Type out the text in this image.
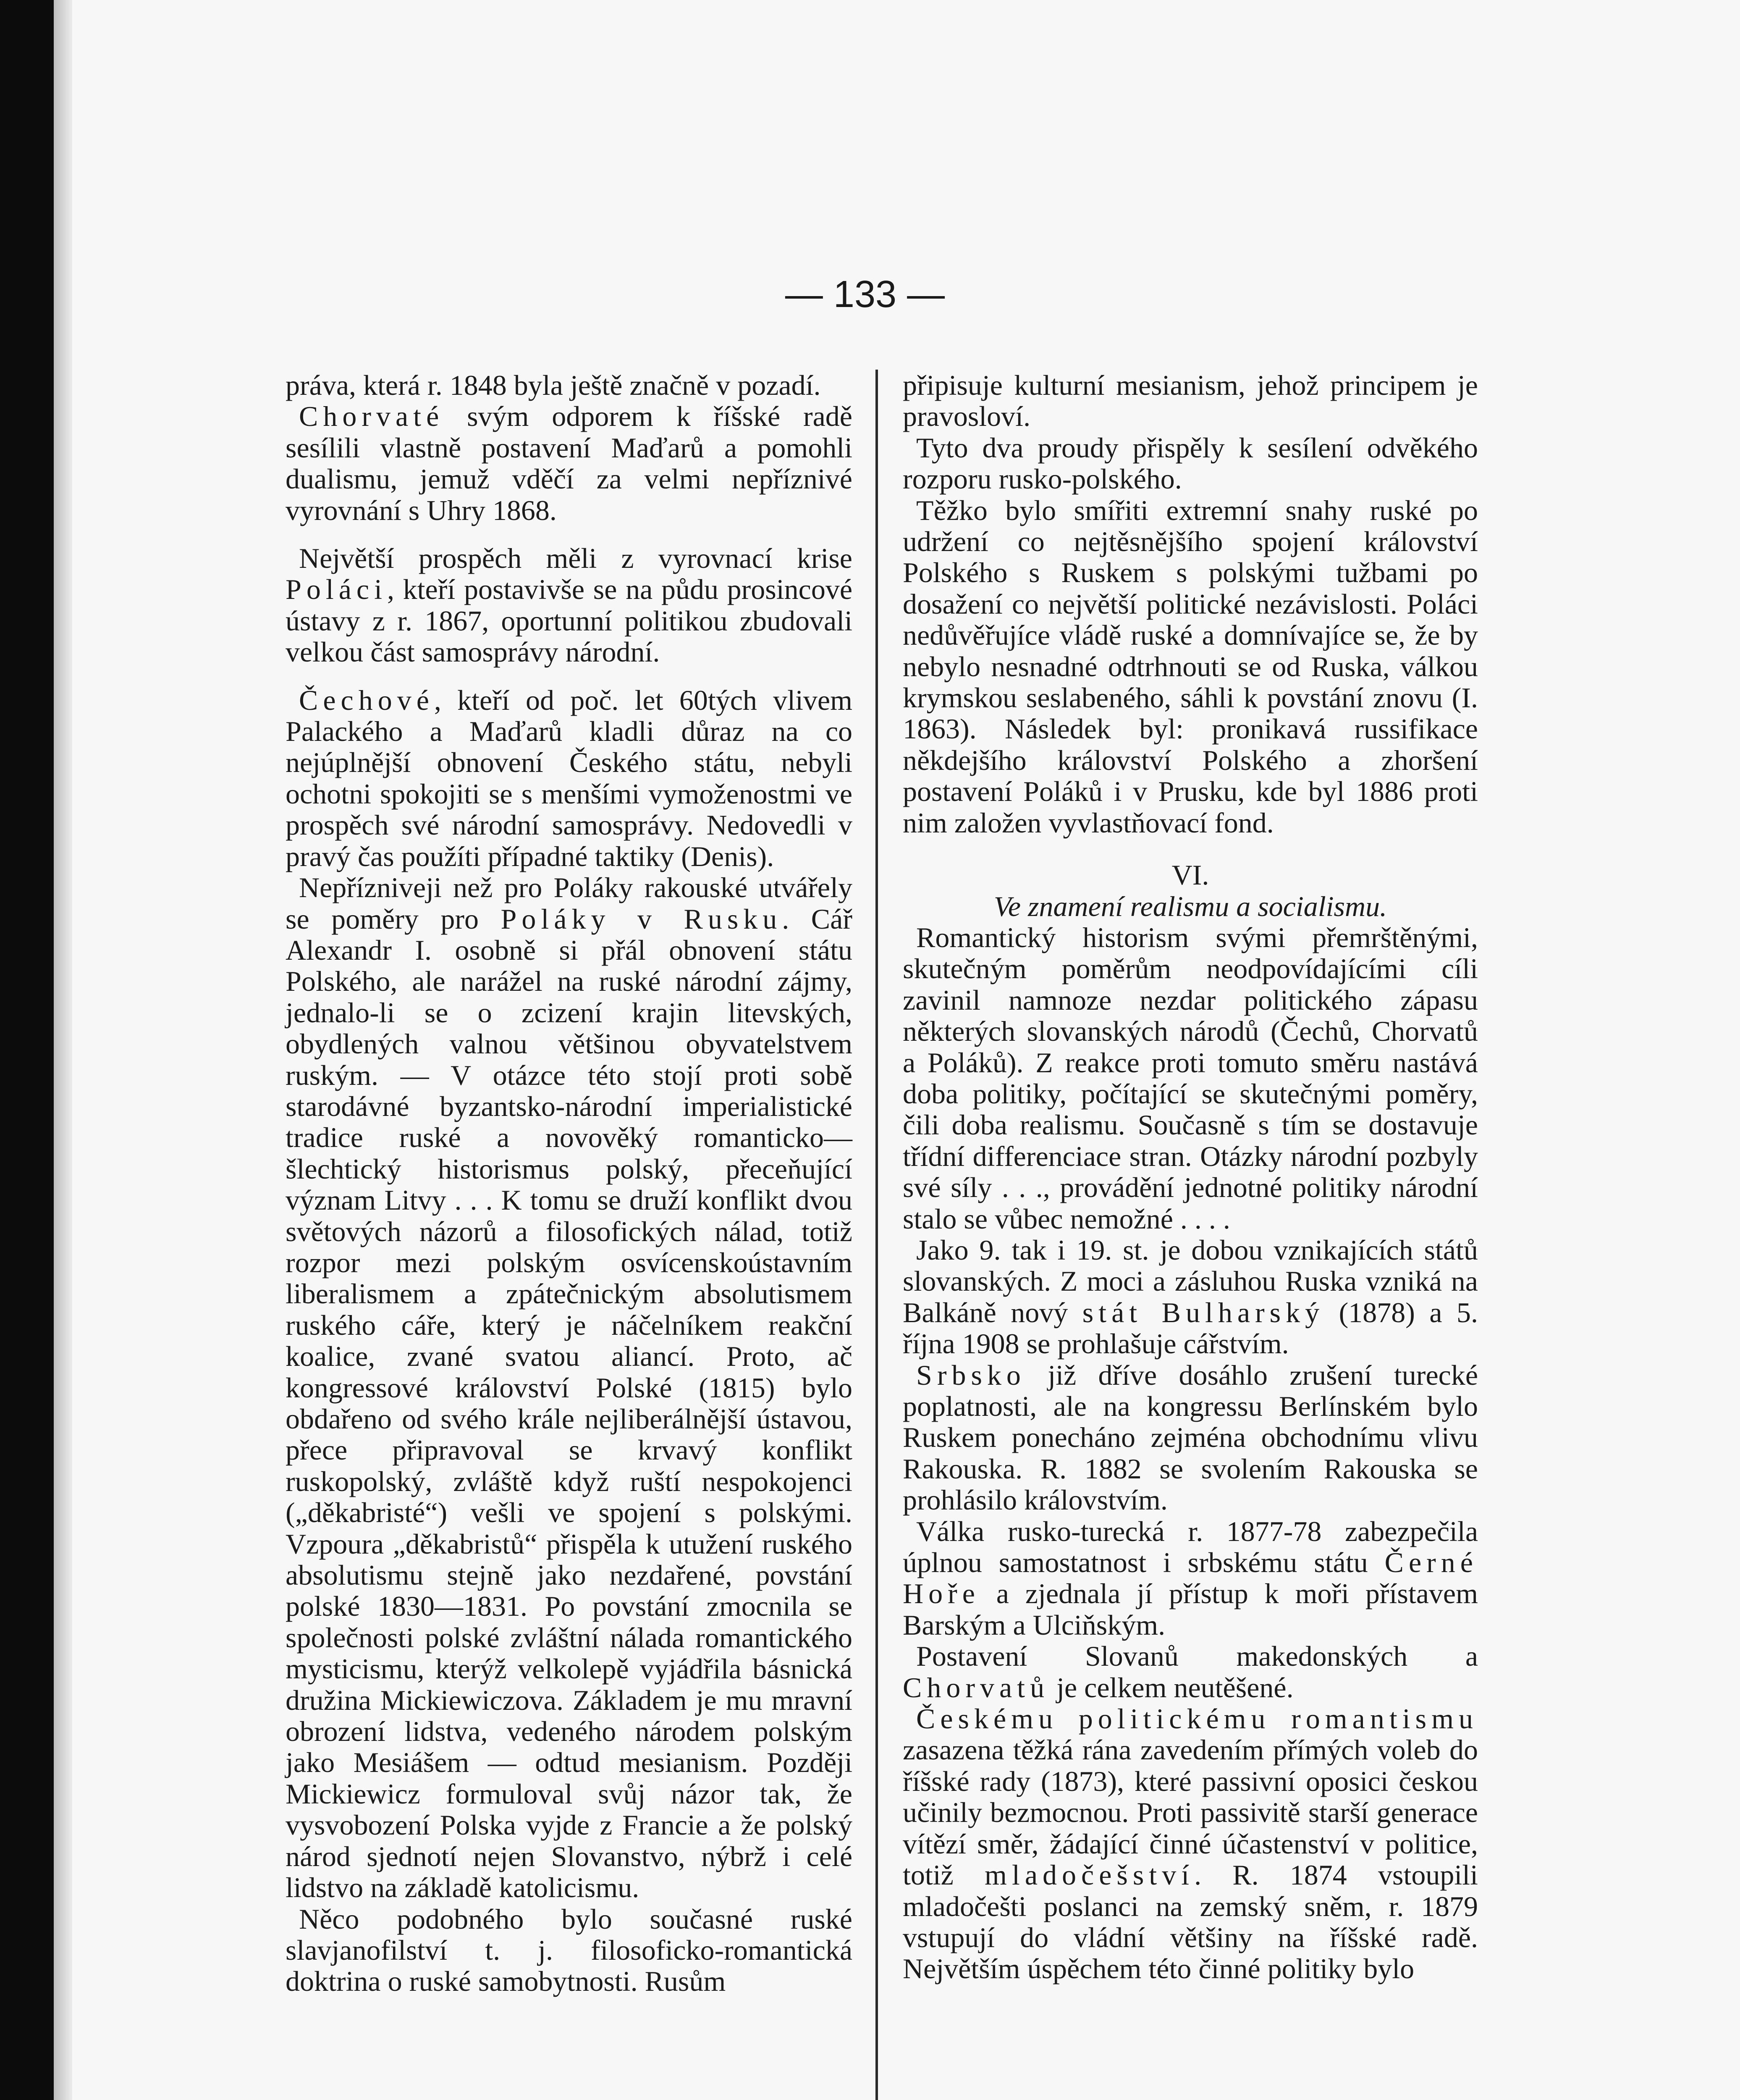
— 133 —

práva, která r. 1848 byla ještě značně v pozadí.

Chorvaté svým odporem k říšské radě sesílili vlastně postavení Maďarů a pomohli dualismu, jemuž vděčí za velmi nepříznivé vyrovnání s Uhry 1868.

Největší prospěch měli z vyrovnací krise Poláci, kteří postavivše se na půdu prosincové ústavy z r. 1867, oportunní politikou zbudovali velkou část samosprávy národní.

Čechové, kteří od poč. let 60tých vlivem Palackého a Maďarů kladli důraz na co nejúplnější obnovení Českého státu, nebyli ochotni spokojiti se s menšími vymoženostmi ve prospěch své národní samosprávy. Nedovedli v pravý čas použíti případné taktiky (Denis).

Nepřízniveji než pro Poláky rakouské utvářely se poměry pro Poláky v Rusku. Cář Alexandr I. osobně si přál obnovení státu Polského, ale narážel na ruské národní zájmy, jednalo-li se o zcizení krajin litevských, obydlených valnou většinou obyvatelstvem ruským. — V otázce této stojí proti sobě starodávné byzantsko-národní imperialistické tradice ruské a novověký romanticko—šlechtický historismus polský, přeceňující význam Litvy . . . K tomu se druží konflikt dvou světových názorů a filosofických nálad, totiž rozpor mezi polským osvícenskoústavním liberalismem a zpátečnickým absolutismem ruského cáře, který je náčelníkem reakční koalice, zvané svatou aliancí. Proto, ač kongressové království Polské (1815) bylo obdařeno od svého krále nejliberálnější ústavou, přece připravoval se krvavý konflikt ruskopolský, zvláště když ruští nespokojenci („děkabristé“) vešli ve spojení s polskými. Vzpoura „děkabristů“ přispěla k utužení ruského absolutismu stejně jako nezdařené, povstání polské 1830—1831. Po povstání zmocnila se společnosti polské zvláštní nálada romantického mysticismu, kterýž velkolepě vyjádřila básnická družina Mickiewiczova. Základem je mu mravní obrození lidstva, vedeného národem polským jako Mesiášem — odtud mesianism. Později Mickiewicz formuloval svůj názor tak, že vysvobození Polska vyjde z Francie a že polský národ sjednotí nejen Slovanstvo, nýbrž i celé lidstvo na základě katolicismu.

Něco podobného bylo současné ruské slavjanofilství t. j. filosoficko-romantická doktrina o ruské samobytnosti. Rusům

připisuje kulturní mesianism, jehož principem je pravosloví.

Tyto dva proudy přispěly k sesílení odvěkého rozporu rusko-polského.

Těžko bylo smířiti extremní snahy ruské po udržení co nejtěsnějšího spojení království Polského s Ruskem s polskými tužbami po dosažení co největší politické nezávislosti. Poláci nedůvěřujíce vládě ruské a domnívajíce se, že by nebylo nesnadné odtrhnouti se od Ruska, válkou krymskou seslabeného, sáhli k povstání znovu (I. 1863). Následek byl: pronikavá russifikace někdejšího království Polského a zhoršení postavení Poláků i v Prusku, kde byl 1886 proti nim založen vyvlastňovací fond.

VI.
Ve znamení realismu a socialismu.

Romantický historism svými přemrštěnými, skutečným poměrům neodpovídajícími cíli zavinil namnoze nezdar politického zápasu některých slovanských národů (Čechů, Chorvatů a Poláků). Z reakce proti tomuto směru nastává doba politiky, počítající se skutečnými poměry, čili doba realismu. Současně s tím se dostavuje třídní differenciace stran. Otázky národní pozbyly své síly . . ., provádění jednotné politiky národní stalo se vůbec nemožné . . . .

Jako 9. tak i 19. st. je dobou vznikajících států slovanských. Z moci a zásluhou Ruska vzniká na Balkáně nový stát Bulharský (1878) a 5. října 1908 se prohlašuje cářstvím.

Srbsko již dříve dosáhlo zrušení turecké poplatnosti, ale na kongressu Berlínském bylo Ruskem ponecháno zejména obchodnímu vlivu Rakouska. R. 1882 se svolením Rakouska se prohlásilo královstvím.

Válka rusko-turecká r. 1877-78 zabezpečila úplnou samostatnost i srbskému státu Černé Hoře a zjednala jí přístup k moři přístavem Barským a Ulciňským.

Postavení Slovanů makedonských a Chorvatů je celkem neutěšené.

Českému politickému romantismu zasazena těžká rána zavedením přímých voleb do říšské rady (1873), které passivní oposici českou učinily bezmocnou. Proti passivitě starší generace vítězí směr, žádající činné účastenství v politice, totiž mladočešství. R. 1874 vstoupili mladočešti poslanci na zemský sněm, r. 1879 vstupují do vládní většiny na říšské radě. Největším úspěchem této činné politiky bylo
